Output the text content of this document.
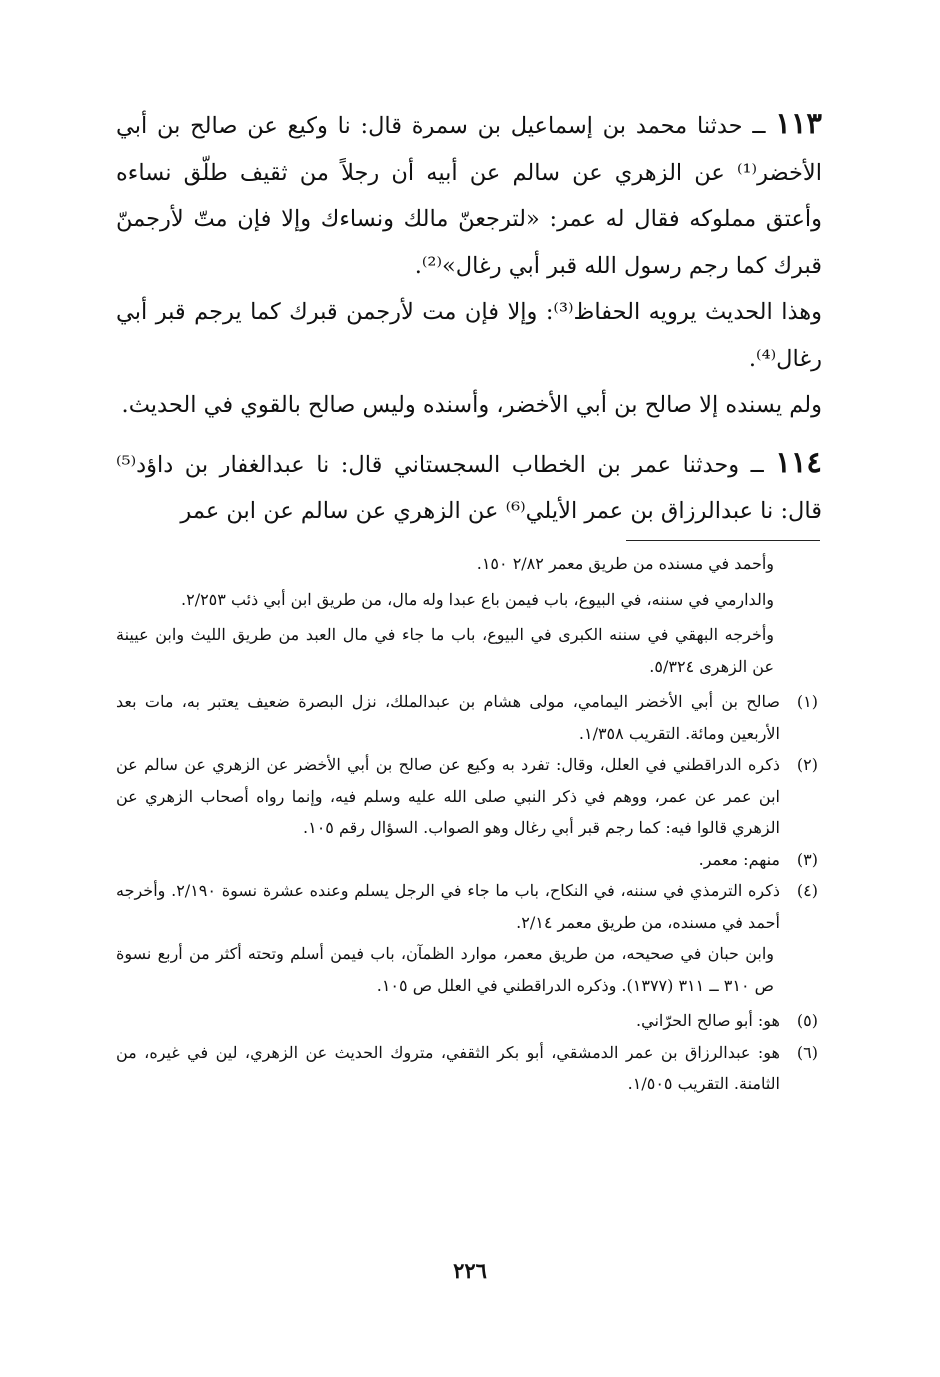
١١٣ ــ حدثنا محمد بن إسماعيل بن سمرة قال: نا وكيع عن صالح بن أبي الأخضر⁽¹⁾ عن الزهري عن سالم عن أبيه أن رجلاً من ثقيف طلّق نساءه وأعتق مملوكه فقال له عمر: «لترجعنّ مالك ونساءك وإلا فإن متّ لأرجمنّ قبرك كما رجم رسول الله قبر أبي رغال»⁽²⁾.

وهذا الحديث يرويه الحفاظ⁽³⁾: وإلا فإن مت لأرجمن قبرك كما يرجم قبر أبي رغال⁽⁴⁾.

ولم يسنده إلا صالح بن أبي الأخضر، وأسنده وليس صالح بالقوي في الحديث.

١١٤ ــ وحدثنا عمر بن الخطاب السجستاني قال: نا عبدالغفار بن داؤد⁽⁵⁾ قال: نا عبدالرزاق بن عمر الأيلي⁽⁶⁾ عن الزهري عن سالم عن ابن عمر

وأحمد في مسنده من طريق معمر ٢/٨٢ ١٥٠.

والدارمي في سننه، في البيوع، باب فيمن باع عبدا وله مال، من طريق ابن أبي ذئب ٢/٢٥٣.

وأخرجه البهقي في سننه الكبرى في البيوع، باب ما جاء في مال العبد من طريق الليث وابن عيينة عن الزهرى ٥/٣٢٤.

(١)
صالح بن أبي الأخضر اليمامي، مولى هشام بن عبدالملك، نزل البصرة ضعيف يعتبر به، مات بعد الأربعين ومائة. التقريب ١/٣٥٨.
(٢)
ذكره الدراقطني في العلل، وقال: تفرد به وكيع عن صالح بن أبي الأخضر عن الزهري عن سالم عن ابن عمر عن عمر، ووهم في ذكر النبي صلى الله عليه وسلم فيه، وإنما رواه أصحاب الزهري عن الزهري قالوا فيه: كما رجم قبر أبي رغال وهو الصواب. السؤال رقم ١٠٥.
(٣)
منهم: معمر.
(٤)
ذكره الترمذي في سننه، في النكاح، باب ما جاء في الرجل يسلم وعنده عشرة نسوة ٢/١٩٠. وأخرجه أحمد في مسنده، من طريق معمر ٢/١٤.

وابن حبان في صحيحه، من طريق معمر، موارد الظمآن، باب فيمن أسلم وتحته أكثر من أربع نسوة ص ٣١٠ ــ ٣١١ (١٣٧٧). وذكره الدراقطني في العلل ص ١٠٥.

(٥)
هو: أبو صالح الحرّاني.
(٦)
هو: عبدالرزاق بن عمر الدمشقي، أبو بكر الثقفي، متروك الحديث عن الزهري، لين في غيره، من الثامنة. التقريب ١/٥٠٥.
٢٢٦
